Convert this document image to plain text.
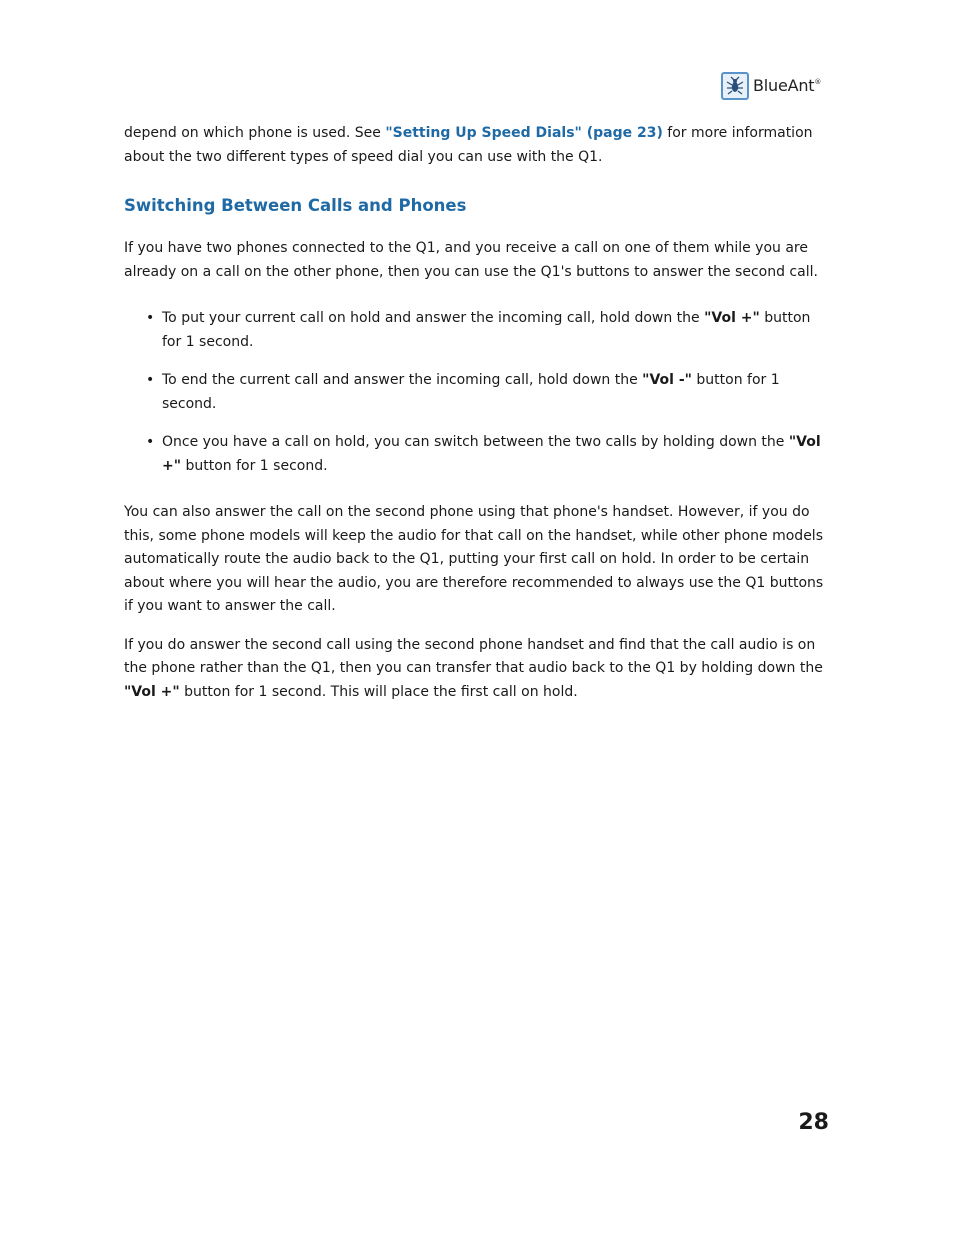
BlueAnt®

depend on which phone is used. See "Setting Up Speed Dials" (page 23) for more information about the two different types of speed dial you can use with the Q1.

Switching Between Calls and Phones

If you have two phones connected to the Q1, and you receive a call on one of them while you are already on a call on the other phone, then you can use the Q1's buttons to answer the second call.

• To put your current call on hold and answer the incoming call, hold down the "Vol +" button for 1 second.
• To end the current call and answer the incoming call, hold down the "Vol -" button for 1 second.
• Once you have a call on hold, you can switch between the two calls by holding down the "Vol +" button for 1 second.

You can also answer the call on the second phone using that phone's handset. However, if you do this, some phone models will keep the audio for that call on the handset, while other phone models automatically route the audio back to the Q1, putting your first call on hold. In order to be certain about where you will hear the audio, you are therefore recommended to always use the Q1 buttons if you want to answer the call.

If you do answer the second call using the second phone handset and find that the call audio is on the phone rather than the Q1, then you can transfer that audio back to the Q1 by holding down the "Vol +" button for 1 second. This will place the first call on hold.

28
